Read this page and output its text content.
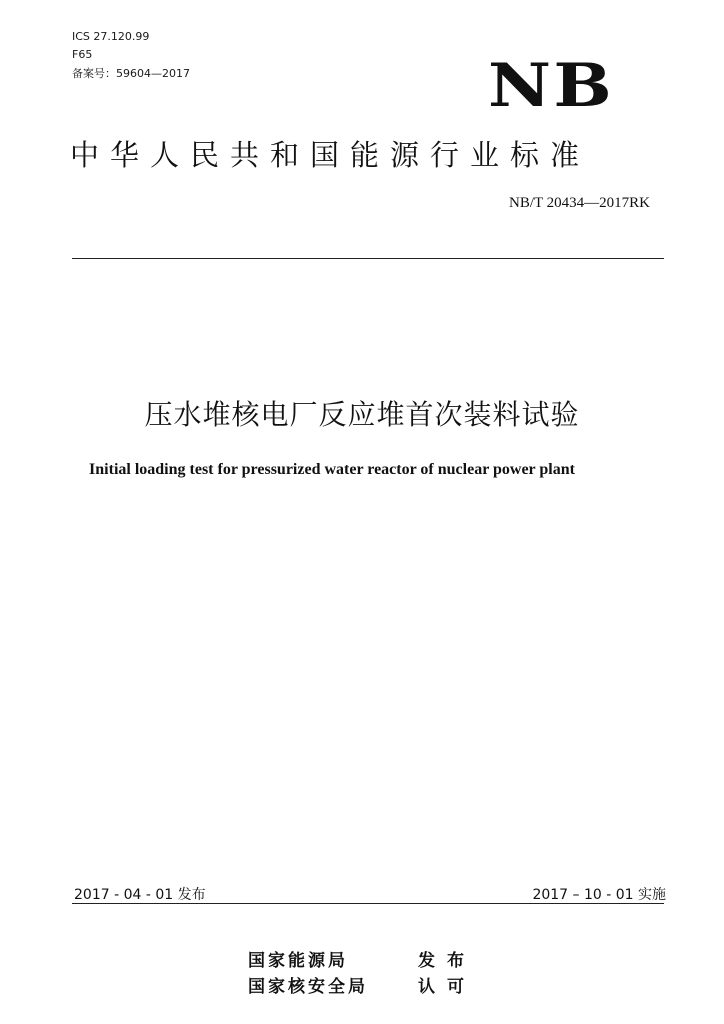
ICS 27.120.99
F65
备案号：59604—2017	NB
中华人民共和国能源行业标准
NB/T 20434—2017RK
压水堆核电厂反应堆首次装料试验
Initial loading test for pressurized water reactor of nuclear power plant
2017 - 04 - 01 发布	2017 – 10 - 01 实施
国家能源局	发布
国家核安全局	认可
